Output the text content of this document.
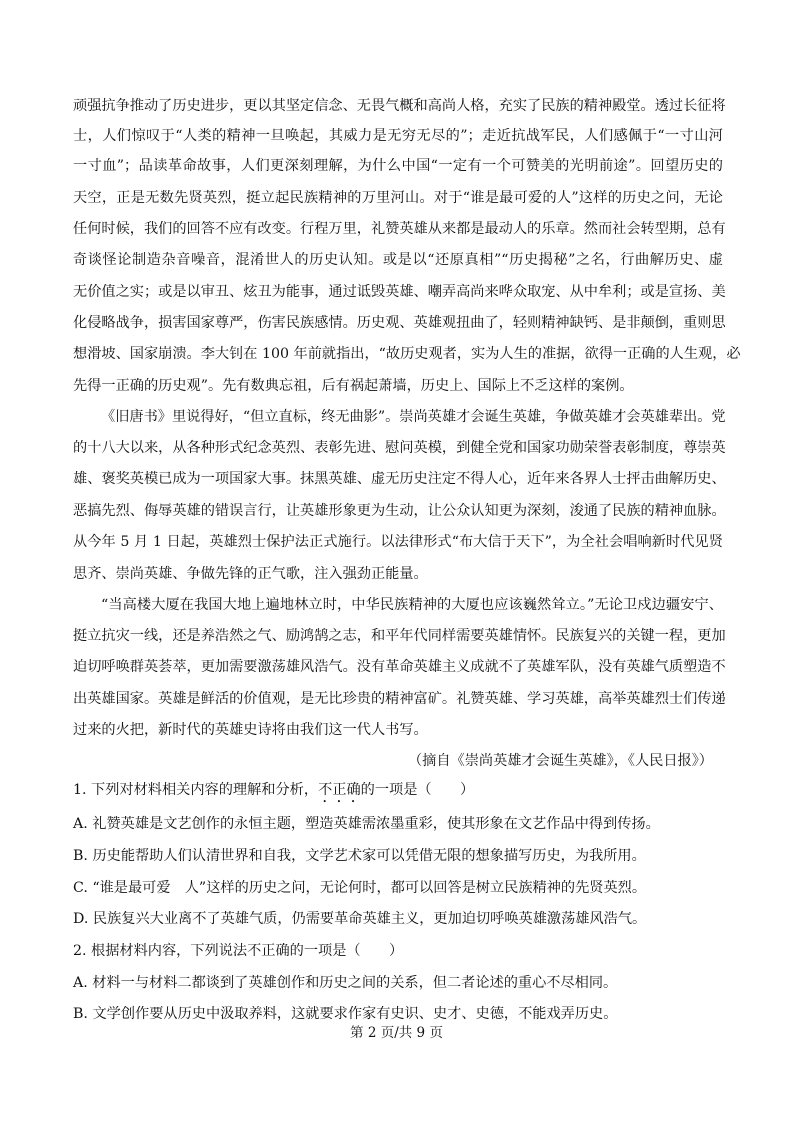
顽强抗争推动了历史进步，更以其坚定信念、无畏气概和高尚人格，充实了民族的精神殿堂。透过长征将
士，人们惊叹于“人类的精神一旦唤起，其威力是无穷无尽的”；走近抗战军民，人们感佩于“一寸山河
一寸血”；品读革命故事，人们更深刻理解，为什么中国“一定有一个可赞美的光明前途”。回望历史的
天空，正是无数先贤英烈，挺立起民族精神的万里河山。对于“谁是最可爱的人”这样的历史之问，无论
任何时候，我们的回答不应有改变。行程万里，礼赞英雄从来都是最动人的乐章。然而社会转型期，总有
奇谈怪论制造杂音噪音，混淆世人的历史认知。或是以“还原真相”“历史揭秘”之名，行曲解历史、虚
无价值之实；或是以审丑、炫丑为能事，通过诋毁英雄、嘲弄高尚来哗众取宠、从中牟利；或是宣扬、美
化侵略战争，损害国家尊严，伤害民族感情。历史观、英雄观扭曲了，轻则精神缺钙、是非颠倒，重则思
想滑坡、国家崩溃。李大钊在 100 年前就指出，“故历史观者，实为人生的准据，欲得一正确的人生观，必
先得一正确的历史观”。先有数典忘祖，后有祸起萧墙，历史上、国际上不乏这样的案例。
《旧唐书》里说得好，“但立直标，终无曲影”。崇尚英雄才会诞生英雄，争做英雄才会英雄辈出。党
的十八大以来，从各种形式纪念英烈、表彰先进、慰问英模，到健全党和国家功勋荣誉表彰制度，尊崇英
雄、褒奖英模已成为一项国家大事。抹黑英雄、虚无历史注定不得人心，近年来各界人士抨击曲解历史、
恶搞先烈、侮辱英雄的错误言行，让英雄形象更为生动，让公众认知更为深刻，浚通了民族的精神血脉。
从今年 5 月 1 日起，英雄烈士保护法正式施行。以法律形式“布大信于天下”，为全社会唱响新时代见贤
思齐、崇尚英雄、争做先锋的正气歌，注入强劲正能量。
“当高楼大厦在我国大地上遍地林立时，中华民族精神的大厦也应该巍然耸立。”无论卫戍边疆安宁、
挺立抗灾一线，还是养浩然之气、励鸿鹄之志，和平年代同样需要英雄情怀。民族复兴的关键一程，更加
迫切呼唤群英荟萃，更加需要激荡雄风浩气。没有革命英雄主义成就不了英雄军队，没有英雄气质塑造不
出英雄国家。英雄是鲜活的价值观，是无比珍贵的精神富矿。礼赞英雄、学习英雄，高举英雄烈士们传递
过来的火把，新时代的英雄史诗将由我们这一代人书写。
（摘自《崇尚英雄才会诞生英雄》，《人民日报》）
1. 下列对材料相关内容的理解和分析，不正确的一项是（　　）
A. 礼赞英雄是文艺创作的永恒主题，塑造英雄需浓墨重彩，使其形象在文艺作品中得到传扬。
B. 历史能帮助人们认清世界和自我，文学艺术家可以凭借无限的想象描写历史，为我所用。
C. “谁是最可爱　人”这样的历史之问，无论何时，都可以回答是树立民族精神的先贤英烈。
D. 民族复兴大业离不了英雄气质，仍需要革命英雄主义，更加迫切呼唤英雄激荡雄风浩气。
2. 根据材料内容，下列说法不正确的一项是（　　）
A. 材料一与材料二都谈到了英雄创作和历史之间的关系，但二者论述的重心不尽相同。
B. 文学创作要从历史中汲取养料，这就要求作家有史识、史才、史德，不能戏弄历史。
第 2 页/共 9 页
